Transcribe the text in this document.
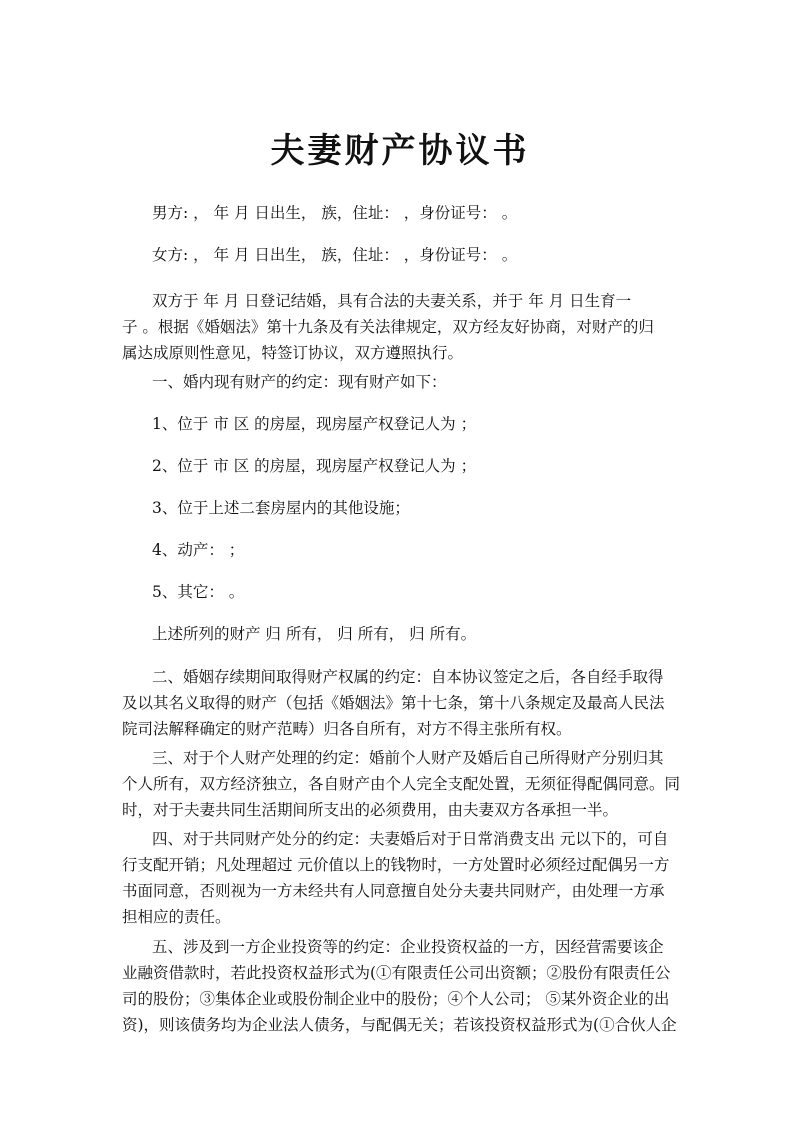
夫妻财产协议书
男方: ， 年 月 日出生， 族，住址： ，身份证号： 。
女方: ， 年 月 日出生， 族，住址： ，身份证号： 。
双方于 年 月 日登记结婚，具有合法的夫妻关系，并于 年 月 日生育一
子 。根据《婚姻法》第十九条及有关法律规定，双方经友好协商，对财产的归
属达成原则性意见，特签订协议，双方遵照执行。
一、婚内现有财产的约定：现有财产如下：
1、位于 市 区 的房屋，现房屋产权登记人为 ；
2、位于 市 区 的房屋，现房屋产权登记人为 ；
3、位于上述二套房屋内的其他设施；
4、动产： ；
5、其它： 。
上述所列的财产 归 所有， 归 所有， 归 所有。
二、婚姻存续期间取得财产权属的约定：自本协议签定之后，各自经手取得
及以其名义取得的财产（包括《婚姻法》第十七条，第十八条规定及最高人民法
院司法解释确定的财产范畴）归各自所有，对方不得主张所有权。
三、对于个人财产处理的约定：婚前个人财产及婚后自己所得财产分别归其
个人所有，双方经济独立，各自财产由个人完全支配处置，无须征得配偶同意。同
时，对于夫妻共同生活期间所支出的必须费用，由夫妻双方各承担一半。
四、对于共同财产处分的约定：夫妻婚后对于日常消费支出 元以下的，可自
行支配开销；凡处理超过 元价值以上的钱物时，一方处置时必须经过配偶另一方
书面同意，否则视为一方未经共有人同意擅自处分夫妻共同财产，由处理一方承
担相应的责任。
五、涉及到一方企业投资等的约定：企业投资权益的一方，因经营需要该企
业融资借款时，若此投资权益形式为(①有限责任公司出资额；②股份有限责任公
司的股份；③集体企业或股份制企业中的股份；④个人公司； ⑤某外资企业的出
资)，则该债务均为企业法人债务，与配偶无关；若该投资权益形式为(①合伙人企
